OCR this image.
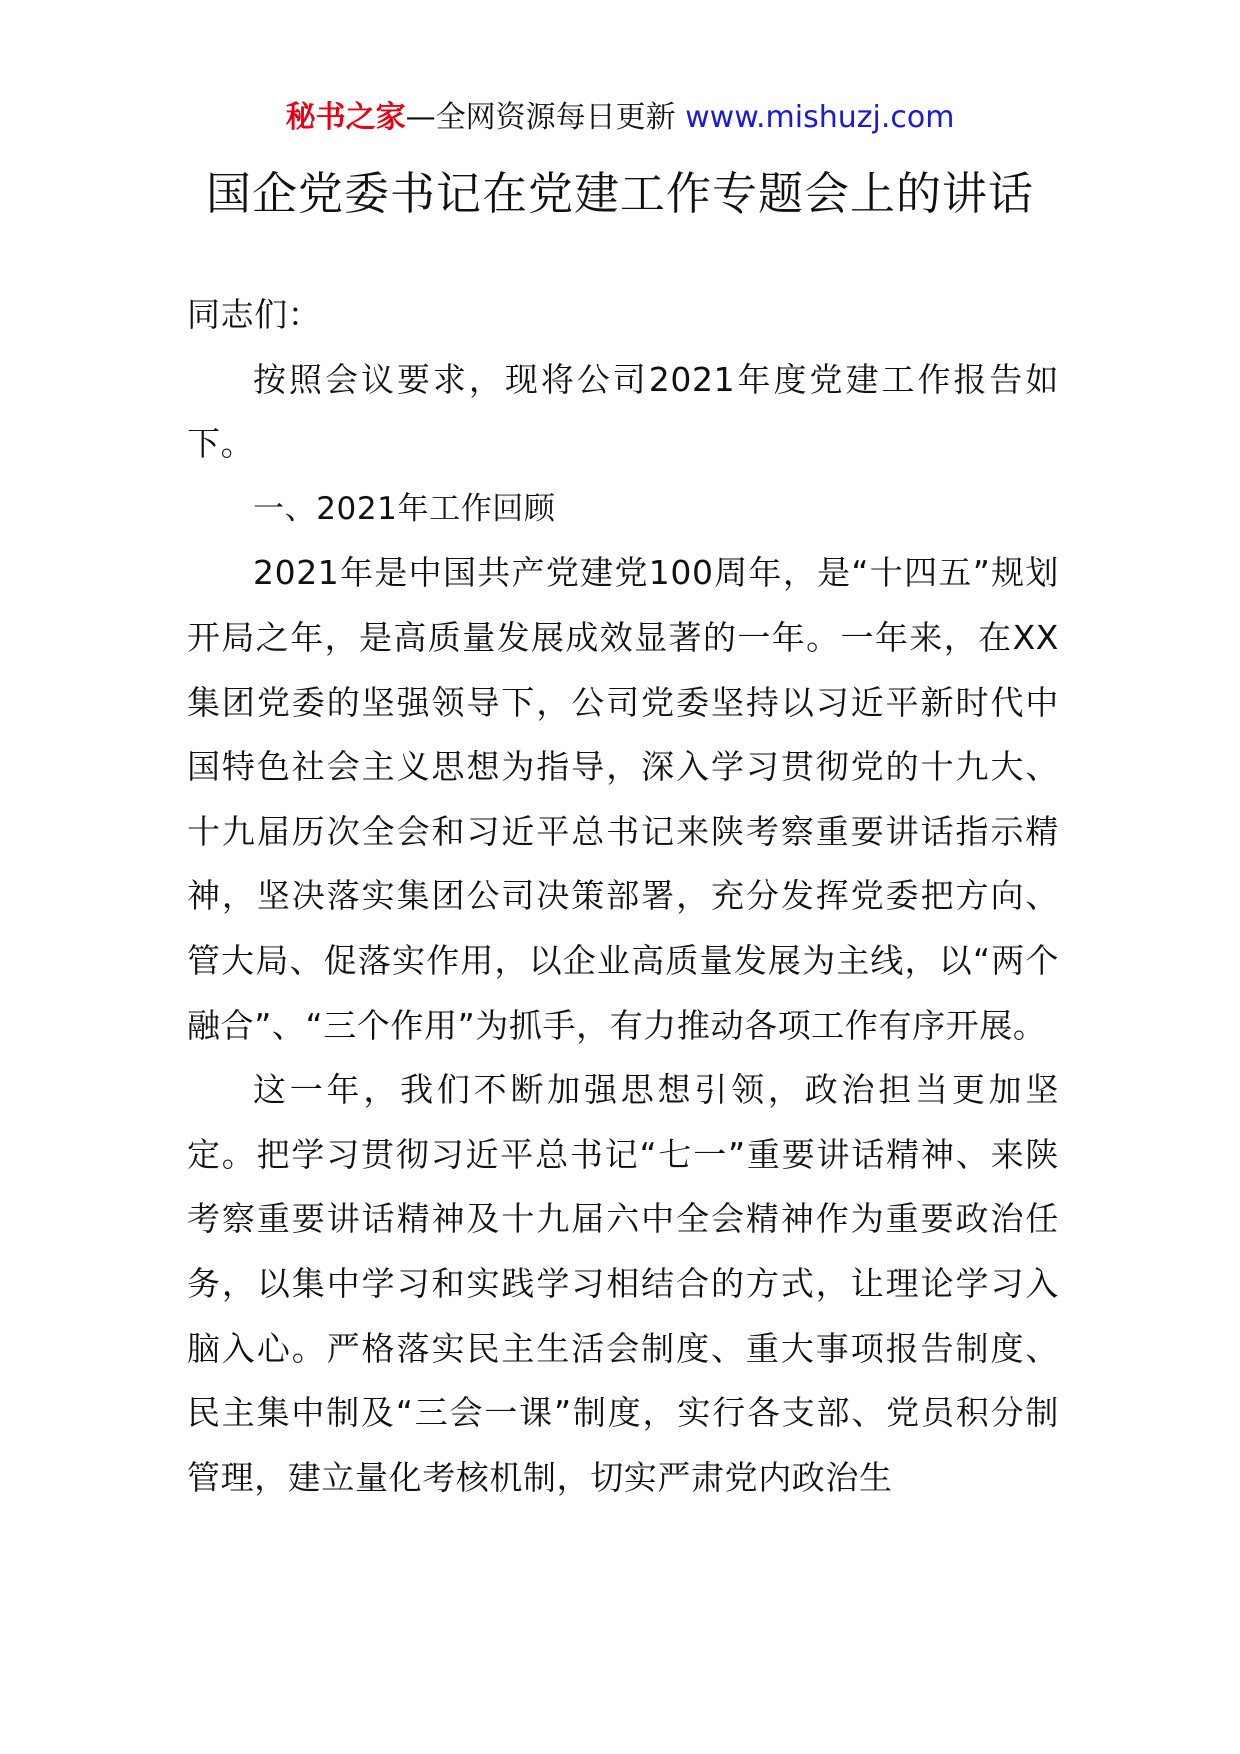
秘书之家—全网资源每日更新 www.mishuzj.com
国企党委书记在党建工作专题会上的讲话

同志们：

按照会议要求，现将公司2021年度党建工作报告如下。

一、2021年工作回顾

2021年是中国共产党建党100周年，是“十四五”规划开局之年，是高质量发展成效显著的一年。一年来，在XX集团党委的坚强领导下，公司党委坚持以习近平新时代中国特色社会主义思想为指导，深入学习贯彻党的十九大、十九届历次全会和习近平总书记来陕考察重要讲话指示精神，坚决落实集团公司决策部署，充分发挥党委把方向、管大局、促落实作用，以企业高质量发展为主线，以“两个融合”、“三个作用”为抓手，有力推动各项工作有序开展。

这一年，我们不断加强思想引领，政治担当更加坚定。把学习贯彻习近平总书记“七一”重要讲话精神、来陕考察重要讲话精神及十九届六中全会精神作为重要政治任务，以集中学习和实践学习相结合的方式，让理论学习入脑入心。严格落实民主生活会制度、重大事项报告制度、民主集中制及“三会一课”制度，实行各支部、党员积分制管理，建立量化考核机制，切实严肃党内政治生
